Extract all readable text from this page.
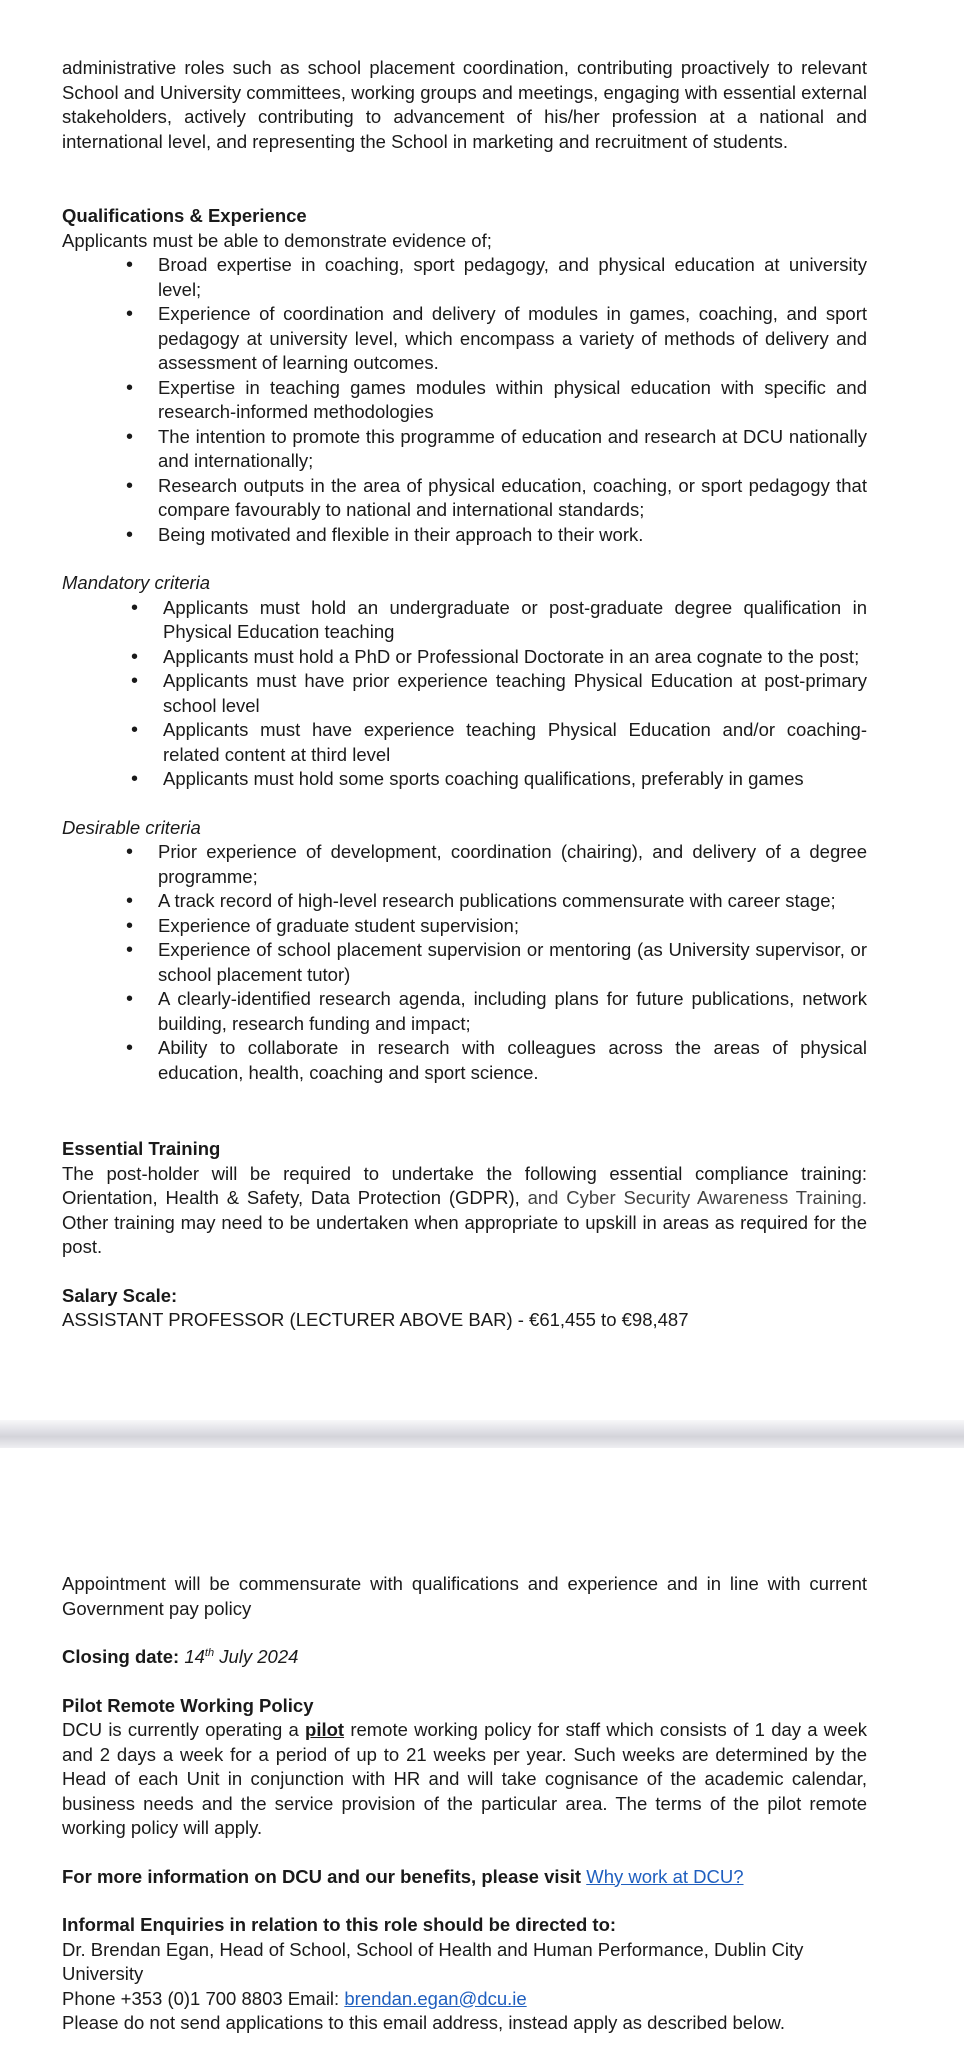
administrative roles such as school placement coordination, contributing proactively to relevant School and University committees, working groups and meetings, engaging with essential external stakeholders, actively contributing to advancement of his/her profession at a national and international level, and representing the School in marketing and recruitment of students.

Qualifications & Experience

Applicants must be able to demonstrate evidence of;

• Broad expertise in coaching, sport pedagogy, and physical education at university level;
• Experience of coordination and delivery of modules in games, coaching, and sport pedagogy at university level, which encompass a variety of methods of delivery and assessment of learning outcomes.
• Expertise in teaching games modules within physical education with specific and research-informed methodologies
• The intention to promote this programme of education and research at DCU nationally and internationally;
• Research outputs in the area of physical education, coaching, or sport pedagogy that compare favourably to national and international standards;
• Being motivated and flexible in their approach to their work.

Mandatory criteria

• Applicants must hold an undergraduate or post-graduate degree qualification in Physical Education teaching
• Applicants must hold a PhD or Professional Doctorate in an area cognate to the post;
• Applicants must have prior experience teaching Physical Education at post-primary school level
• Applicants must have experience teaching Physical Education and/or coaching-related content at third level
• Applicants must hold some sports coaching qualifications, preferably in games

Desirable criteria

• Prior experience of development, coordination (chairing), and delivery of a degree programme;
• A track record of high-level research publications commensurate with career stage;
• Experience of graduate student supervision;
• Experience of school placement supervision or mentoring (as University supervisor, or school placement tutor)
• A clearly-identified research agenda, including plans for future publications, network building, research funding and impact;
• Ability to collaborate in research with colleagues across the areas of physical education, health, coaching and sport science.

Essential Training

The post-holder will be required to undertake the following essential compliance training: Orientation, Health & Safety, Data Protection (GDPR), and Cyber Security Awareness Training. Other training may need to be undertaken when appropriate to upskill in areas as required for the post.

Salary Scale:

ASSISTANT PROFESSOR (LECTURER ABOVE BAR) - €61,455 to €98,487

Appointment will be commensurate with qualifications and experience and in line with current Government pay policy

Closing date: 14th July 2024

Pilot Remote Working Policy

DCU is currently operating a pilot remote working policy for staff which consists of 1 day a week and 2 days a week for a period of up to 21 weeks per year. Such weeks are determined by the Head of each Unit in conjunction with HR and will take cognisance of the academic calendar, business needs and the service provision of the particular area. The terms of the pilot remote working policy will apply.

For more information on DCU and our benefits, please visit Why work at DCU?

Informal Enquiries in relation to this role should be directed to:

Dr. Brendan Egan, Head of School, School of Health and Human Performance, Dublin City University

Phone +353 (0)1 700 8803 Email: brendan.egan@dcu.ie

Please do not send applications to this email address, instead apply as described below.
